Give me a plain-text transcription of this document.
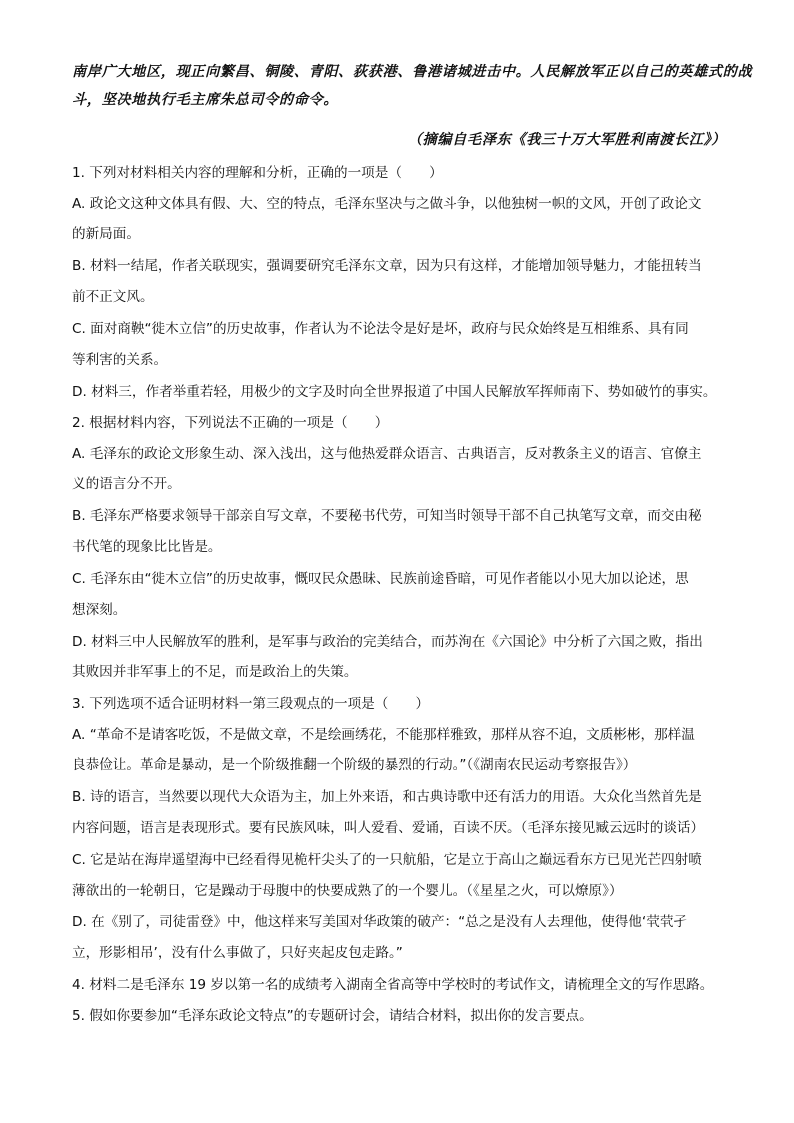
南岸广大地区，现正向繁昌、铜陵、青阳、荻获港、鲁港诸城进击中。人民解放军正以自己的英雄式的战

斗，坚决地执行毛主席朱总司令的命令。

（摘编自毛泽东《我三十万大军胜利南渡长江》）

1. 下列对材料相关内容的理解和分析，正确的一项是（　　）

A. 政论文这种文体具有假、大、空的特点，毛泽东坚决与之做斗争，以他独树一帜的文风，开创了政论文

的新局面。

B. 材料一结尾，作者关联现实，强调要研究毛泽东文章，因为只有这样，才能增加领导魅力，才能扭转当

前不正文风。

C. 面对商鞅“徙木立信”的历史故事，作者认为不论法令是好是坏，政府与民众始终是互相维系、具有同

等利害的关系。

D. 材料三，作者举重若轻，用极少的文字及时向全世界报道了中国人民解放军挥师南下、势如破竹的事实。

2. 根据材料内容，下列说法不正确的一项是（　　）

A. 毛泽东的政论文形象生动、深入浅出，这与他热爱群众语言、古典语言，反对教条主义的语言、官僚主

义的语言分不开。

B. 毛泽东严格要求领导干部亲自写文章，不要秘书代劳，可知当时领导干部不自己执笔写文章，而交由秘

书代笔的现象比比皆是。

C. 毛泽东由“徙木立信”的历史故事，慨叹民众愚昧、民族前途昏暗，可见作者能以小见大加以论述，思

想深刻。

D. 材料三中人民解放军的胜利，是军事与政治的完美结合，而苏洵在《六国论》中分析了六国之败，指出

其败因并非军事上的不足，而是政治上的失策。

3. 下列选项不适合证明材料一第三段观点的一项是（　　）

A. “革命不是请客吃饭，不是做文章，不是绘画绣花，不能那样雅致，那样从容不迫，文质彬彬，那样温

良恭俭让。革命是暴动，是一个阶级推翻一个阶级的暴烈的行动。”（《湖南农民运动考察报告》）

B. 诗的语言，当然要以现代大众语为主，加上外来语，和古典诗歌中还有活力的用语。大众化当然首先是

内容问题，语言是表现形式。要有民族风味，叫人爱看、爱诵，百读不厌。（毛泽东接见臧云远时的谈话）

C. 它是站在海岸遥望海中已经看得见桅杆尖头了的一只航船，它是立于高山之巅远看东方已见光芒四射喷

薄欲出的一轮朝日，它是躁动于母腹中的快要成熟了的一个婴儿。（《星星之火，可以燎原》）

D. 在《别了，司徒雷登》中，他这样来写美国对华政策的破产：“总之是没有人去理他，使得他‘茕茕孑

立，形影相吊’，没有什么事做了，只好夹起皮包走路。”

4. 材料二是毛泽东 19 岁以第一名的成绩考入湖南全省高等中学校时的考试作文，请梳理全文的写作思路。

5. 假如你要参加“毛泽东政论文特点”的专题研讨会，请结合材料，拟出你的发言要点。
